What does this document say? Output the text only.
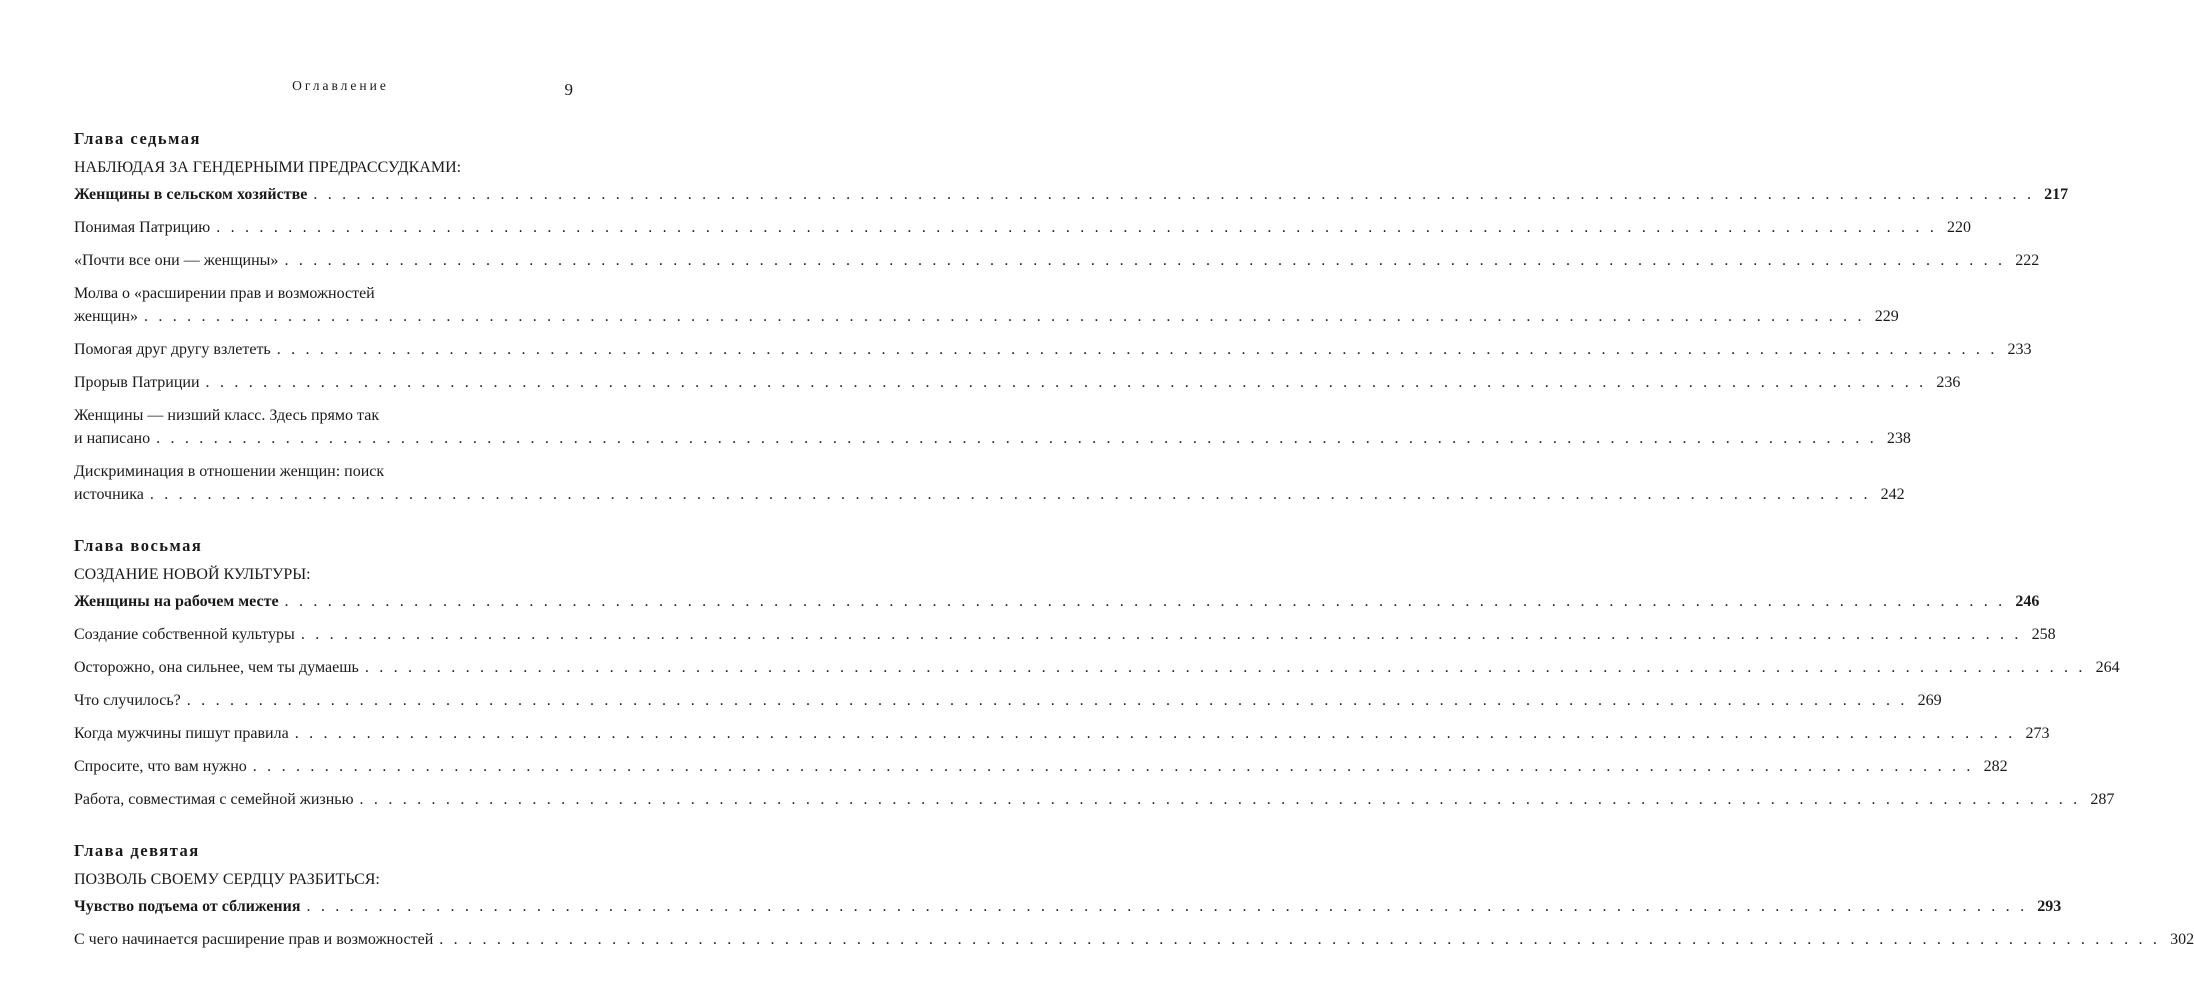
Оглавление	9
Глава седьмая
НАБЛЮДАЯ ЗА ГЕНДЕРНЫМИ ПРЕДРАССУДКАМИ:
Женщины в сельском хозяйстве . . . . . . . . . . . . . . . . . . . . . . . . . . . . . . . . . . . . . . . . . . . . . . . . . . . . . . . . . . . . . . . . . . . . . . . . . . . . . . . . . . . . . . . . . . . . . . . . . . . . . . . . . . . . . . . . . . . . . . . . 217
Понимая Патрицию . . . . . . . . . . . . . . . . . . . . . . . . . . . . . . . . . . . . . . . . . . . . . . . . . . . . . . . . . . . . . . . . . . . . . . . . . . . . . . . . . . . . . . . . . . . . . . . . . . . . . . . . . . . . . . . . . . . . . . . . 220
«Почти все они — женщины» . . . . . . . . . . . . . . . . . . . . . . . . . . . . . . . . . . . . . . . . . . . . . . . . . . . . . . . . . . . . . . . . . . . . . . . . . . . . . . . . . . . . . . . . . . . . . . . . . . . . . . . . . . . . . . . . . . . . . . . . 222
Молва о «расширении прав и возможностей
женщин» . . . . . . . . . . . . . . . . . . . . . . . . . . . . . . . . . . . . . . . . . . . . . . . . . . . . . . . . . . . . . . . . . . . . . . . . . . . . . . . . . . . . . . . . . . . . . . . . . . . . . . . . . . . . . . . . . . . . . . . . 229
Помогая друг другу взлететь . . . . . . . . . . . . . . . . . . . . . . . . . . . . . . . . . . . . . . . . . . . . . . . . . . . . . . . . . . . . . . . . . . . . . . . . . . . . . . . . . . . . . . . . . . . . . . . . . . . . . . . . . . . . . . . . . . . . . . . . 233
Прорыв Патриции . . . . . . . . . . . . . . . . . . . . . . . . . . . . . . . . . . . . . . . . . . . . . . . . . . . . . . . . . . . . . . . . . . . . . . . . . . . . . . . . . . . . . . . . . . . . . . . . . . . . . . . . . . . . . . . . . . . . . . . . 236
Женщины — низший класс. Здесь прямо так
и написано . . . . . . . . . . . . . . . . . . . . . . . . . . . . . . . . . . . . . . . . . . . . . . . . . . . . . . . . . . . . . . . . . . . . . . . . . . . . . . . . . . . . . . . . . . . . . . . . . . . . . . . . . . . . . . . . . . . . . . . . 238
Дискриминация в отношении женщин: поиск
источника . . . . . . . . . . . . . . . . . . . . . . . . . . . . . . . . . . . . . . . . . . . . . . . . . . . . . . . . . . . . . . . . . . . . . . . . . . . . . . . . . . . . . . . . . . . . . . . . . . . . . . . . . . . . . . . . . . . . . . . . 242
Глава восьмая
СОЗДАНИЕ НОВОЙ КУЛЬТУРЫ:
Женщины на рабочем месте . . . . . . . . . . . . . . . . . . . . . . . . . . . . . . . . . . . . . . . . . . . . . . . . . . . . . . . . . . . . . . . . . . . . . . . . . . . . . . . . . . . . . . . . . . . . . . . . . . . . . . . . . . . . . . . . . . . . . . . . 246
Создание собственной культуры . . . . . . . . . . . . . . . . . . . . . . . . . . . . . . . . . . . . . . . . . . . . . . . . . . . . . . . . . . . . . . . . . . . . . . . . . . . . . . . . . . . . . . . . . . . . . . . . . . . . . . . . . . . . . . . . . . . . . . . . 258
Осторожно, она сильнее, чем ты думаешь . . . . . . . . . . . . . . . . . . . . . . . . . . . . . . . . . . . . . . . . . . . . . . . . . . . . . . . . . . . . . . . . . . . . . . . . . . . . . . . . . . . . . . . . . . . . . . . . . . . . . . . . . . . . . . . . . . . . . . . . 264
Что случилось? . . . . . . . . . . . . . . . . . . . . . . . . . . . . . . . . . . . . . . . . . . . . . . . . . . . . . . . . . . . . . . . . . . . . . . . . . . . . . . . . . . . . . . . . . . . . . . . . . . . . . . . . . . . . . . . . . . . . . . . . 269
Когда мужчины пишут правила . . . . . . . . . . . . . . . . . . . . . . . . . . . . . . . . . . . . . . . . . . . . . . . . . . . . . . . . . . . . . . . . . . . . . . . . . . . . . . . . . . . . . . . . . . . . . . . . . . . . . . . . . . . . . . . . . . . . . . . . 273
Спросите, что вам нужно . . . . . . . . . . . . . . . . . . . . . . . . . . . . . . . . . . . . . . . . . . . . . . . . . . . . . . . . . . . . . . . . . . . . . . . . . . . . . . . . . . . . . . . . . . . . . . . . . . . . . . . . . . . . . . . . . . . . . . . . 282
Работа, совместимая с семейной жизнью . . . . . . . . . . . . . . . . . . . . . . . . . . . . . . . . . . . . . . . . . . . . . . . . . . . . . . . . . . . . . . . . . . . . . . . . . . . . . . . . . . . . . . . . . . . . . . . . . . . . . . . . . . . . . . . . . . . . . . . . 287
Глава девятая
ПОЗВОЛЬ СВОЕМУ СЕРДЦУ РАЗБИТЬСЯ:
Чувство подъема от сближения . . . . . . . . . . . . . . . . . . . . . . . . . . . . . . . . . . . . . . . . . . . . . . . . . . . . . . . . . . . . . . . . . . . . . . . . . . . . . . . . . . . . . . . . . . . . . . . . . . . . . . . . . . . . . . . . . . . . . . . . 293
С чего начинается расширение прав и возможностей . . . . . . . . . . . . . . . . . . . . . . . . . . . . . . . . . . . . . . . . . . . . . . . . . . . . . . . . . . . . . . . . . . . . . . . . . . . . . . . . . . . . . . . . . . . . . . . . . . . . . . . . . . . . . . . . . . . . . . . . 302
